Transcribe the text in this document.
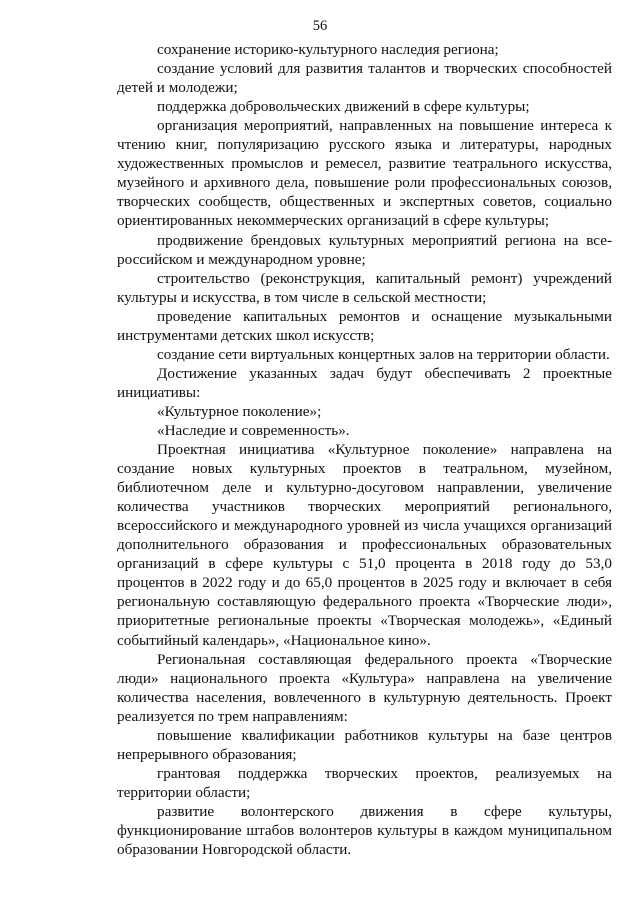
56

сохранение историко-культурного наследия региона;

создание условий для развития талантов и творческих способностей детей и молодежи;

поддержка добровольческих движений в сфере культуры;

организация мероприятий, направленных на повышение интереса к чтению книг, популяризацию русского языка и литературы, народных художественных промыслов и ремесел, развитие театрального искусства, музейного и архивного дела, повышение роли профессиональных союзов, творческих сообществ, общественных и экспертных советов, социально ориентированных некоммерческих организаций в сфере культуры;

продвижение брендовых культурных мероприятий региона на все-российском и международном уровне;

строительство (реконструкция, капитальный ремонт) учреждений культуры и искусства, в том числе в сельской местности;

проведение капитальных ремонтов и оснащение музыкальными инструментами детских школ искусств;

создание сети виртуальных концертных залов на территории области.

Достижение указанных задач будут обеспечивать 2 проектные инициативы:

«Культурное поколение»;

«Наследие и современность».

Проектная инициатива «Культурное поколение» направлена на создание новых культурных проектов в театральном, музейном, библиотечном деле и культурно-досуговом направлении, увеличение количества участников творческих мероприятий регионального, всероссийского и международного уровней из числа учащихся организаций дополнительного образования и профессиональных образовательных организаций в сфере культуры с 51,0 процента в 2018 году до 53,0 процентов в 2022 году и до 65,0 процентов в 2025 году и включает в себя региональную составляющую федерального проекта «Творческие люди», приоритетные региональные проекты «Творческая молодежь», «Единый событийный календарь», «Национальное кино».

Региональная составляющая федерального проекта «Творческие люди» национального проекта «Культура» направлена на увеличение количества населения, вовлеченного в культурную деятельность. Проект реализуется по трем направлениям:

повышение квалификации работников культуры на базе центров непрерывного образования;

грантовая поддержка творческих проектов, реализуемых на территории области;

развитие волонтерского движения в сфере культуры, функционирование штабов волонтеров культуры в каждом муниципальном образовании Новгородской области.
